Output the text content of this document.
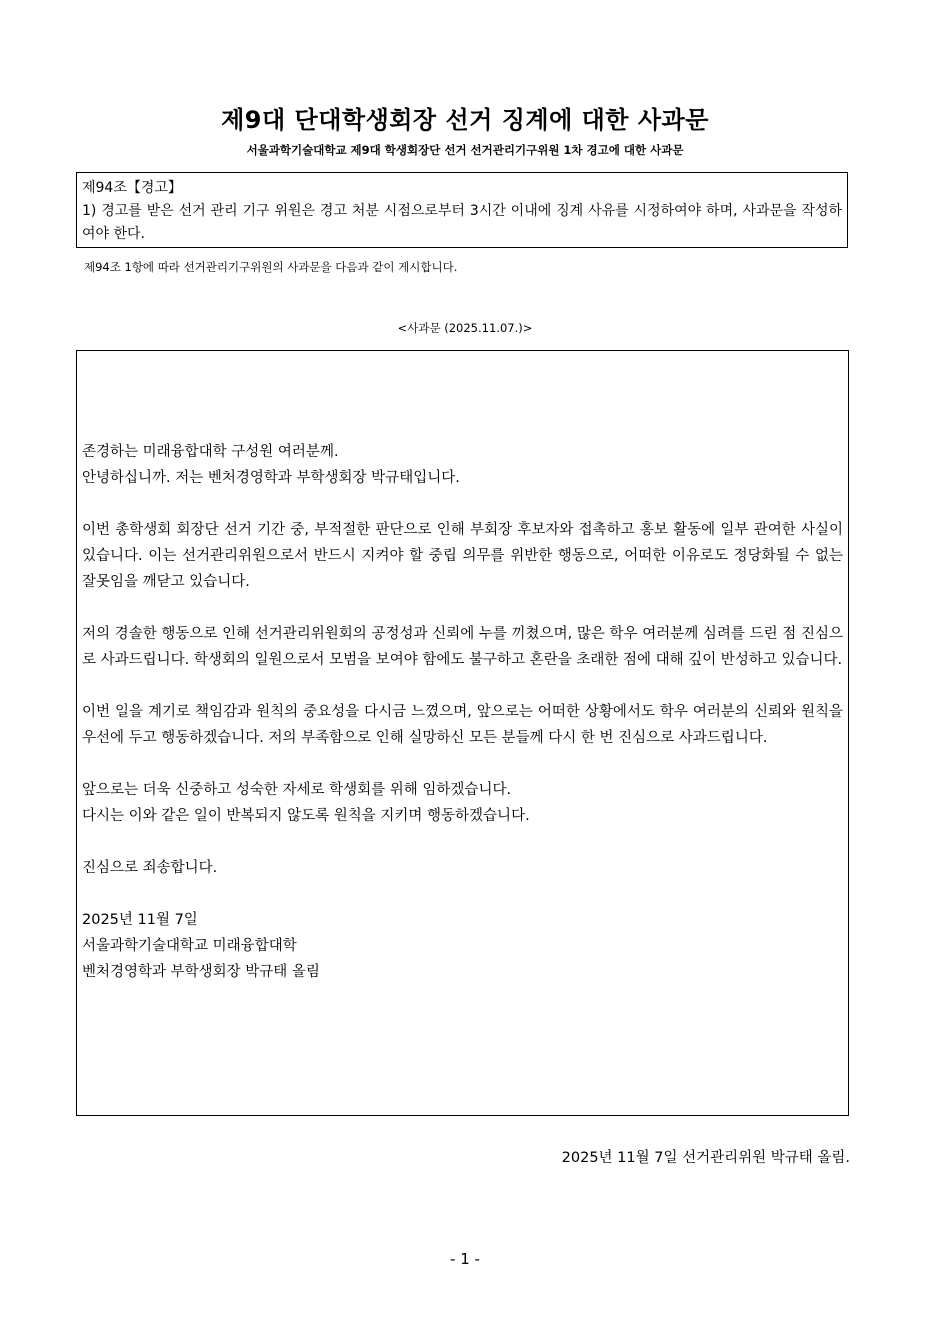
제9대 단대학생회장 선거 징계에 대한 사과문
서울과학기술대학교 제9대 학생회장단 선거 선거관리기구위원 1차 경고에 대한 사과문
제94조【경고】
1) 경고를 받은 선거 관리 기구 위원은 경고 처분 시점으로부터 3시간 이내에 징계 사유를 시정하여야 하며, 사과문을 작성하여야 한다.
제94조 1항에 따라 선거관리기구위원의 사과문을 다음과 같이 게시합니다.
<사과문 (2025.11.07.)>
존경하는 미래융합대학 구성원 여러분께.
안녕하십니까. 저는 벤처경영학과 부학생회장 박규태입니다.
이번 총학생회 회장단 선거 기간 중, 부적절한 판단으로 인해 부회장 후보자와 접촉하고 홍보 활동에 일부 관여한 사실이 있습니다. 이는 선거관리위원으로서 반드시 지켜야 할 중립 의무를 위반한 행동으로, 어떠한 이유로도 정당화될 수 없는 잘못임을 깨닫고 있습니다.
저의 경솔한 행동으로 인해 선거관리위원회의 공정성과 신뢰에 누를 끼쳤으며, 많은 학우 여러분께 심려를 드린 점 진심으로 사과드립니다. 학생회의 일원으로서 모범을 보여야 함에도 불구하고 혼란을 초래한 점에 대해 깊이 반성하고 있습니다.
이번 일을 계기로 책임감과 원칙의 중요성을 다시금 느꼈으며, 앞으로는 어떠한 상황에서도 학우 여러분의 신뢰와 원칙을 우선에 두고 행동하겠습니다. 저의 부족함으로 인해 실망하신 모든 분들께 다시 한 번 진심으로 사과드립니다.
앞으로는 더욱 신중하고 성숙한 자세로 학생회를 위해 임하겠습니다.
다시는 이와 같은 일이 반복되지 않도록 원칙을 지키며 행동하겠습니다.
진심으로 죄송합니다.
2025년 11월 7일
서울과학기술대학교 미래융합대학
벤처경영학과 부학생회장 박규태 올림
2025년 11월 7일 선거관리위원 박규태 올림.
- 1 -
